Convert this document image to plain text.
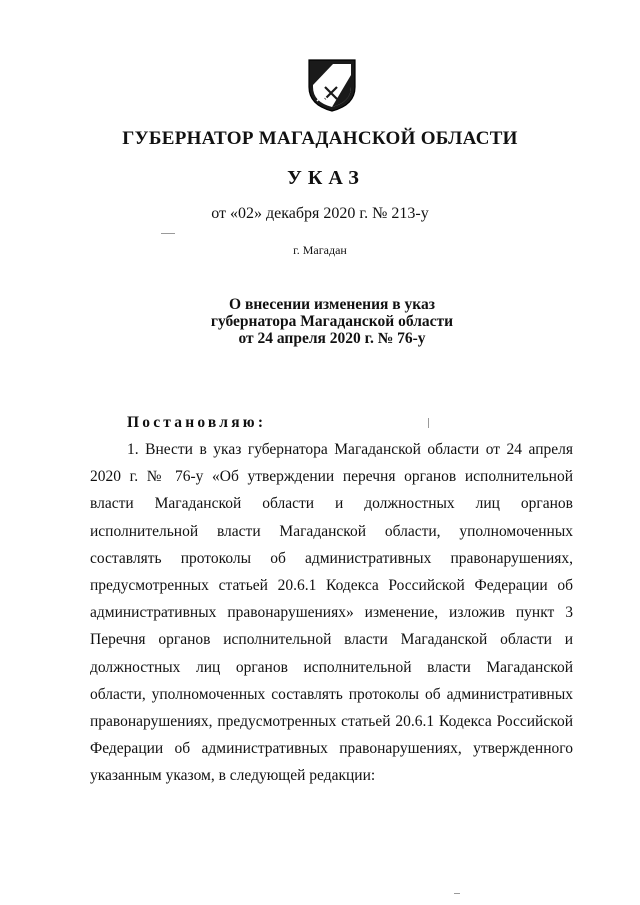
ГУБЕРНАТОР МАГАДАНСКОЙ ОБЛАСТИ
УКАЗ
от «02» декабря 2020 г. № 213-у
г. Магадан
О внесении изменения в указ
губернатора Магаданской области
от 24 апреля 2020 г. № 76-у
Постановляю:

1. Внести в указ губернатора Магаданской области от 24 апреля 2020 г. № 76-у «Об утверждении перечня органов исполнительной власти Магаданской области и должностных лиц органов исполнительной власти Магаданской области, уполномоченных составлять протоколы об административных правонарушениях, предусмотренных статьей 20.6.1 Кодекса Российской Федерации об административных правонарушениях» изменение, изложив пункт 3 Перечня органов исполнительной власти Магаданской области и должностных лиц органов исполнительной власти Магаданской области, уполномоченных составлять протоколы об административных правонарушениях, предусмотренных статьей 20.6.1 Кодекса Российской Федерации об административных правонарушениях, утвержденного указанным указом, в следующей редакции:
